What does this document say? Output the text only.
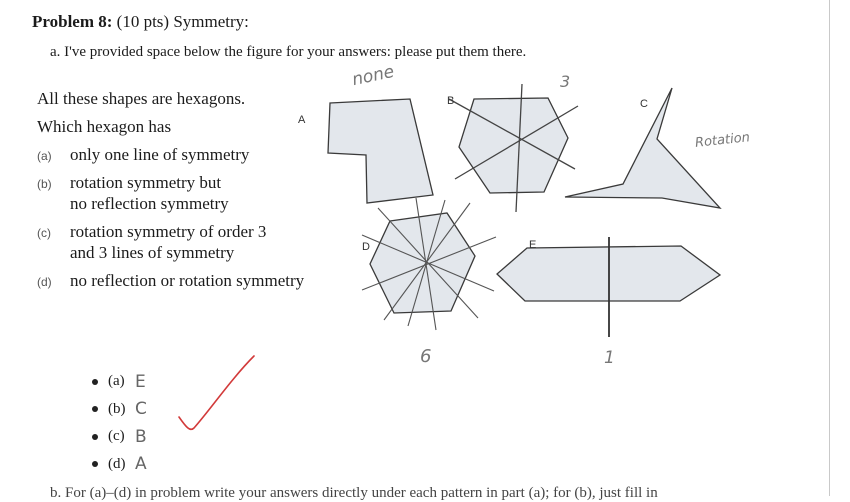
Problem 8: (10 pts) Symmetry:
a. I've provided space below the figure for your answers: please put them there.
All these shapes are hexagons.
Which hexagon has
(a) only one line of symmetry
(b) rotation symmetry but
no reflection symmetry
(c) rotation symmetry of order 3
and 3 lines of symmetry
(d) no reflection or rotation symmetry
A
B	C
D	E
none	3
Rotation
6	1
(a) E
(b) C
(c) B
(d) A
b. For (a)–(d) in problem write your answers directly under each pattern in part (a); for (b), just fill in
